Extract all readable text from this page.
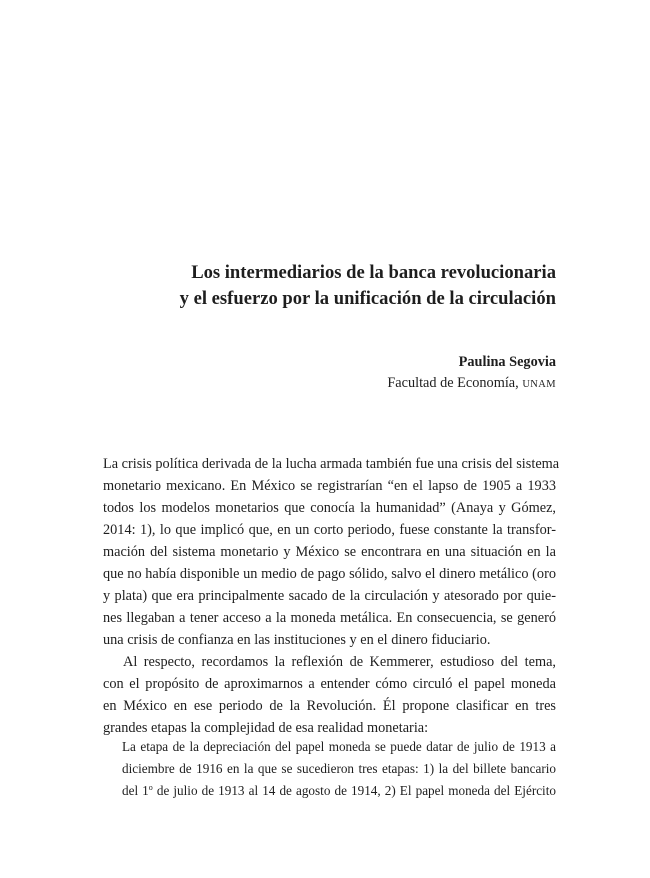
Los intermediarios de la banca revolucionaria
y el esfuerzo por la unificación de la circulación
Paulina Segovia
Facultad de Economía, UNAM

La crisis política derivada de la lucha armada también fue una crisis del sistema
monetario mexicano. En México se registrarían “en el lapso de 1905 a 1933
todos los modelos monetarios que conocía la humanidad” (Anaya y Gómez,
2014: 1), lo que implicó que, en un corto periodo, fuese constante la transfor-
mación del sistema monetario y México se encontrara en una situación en la
que no había disponible un medio de pago sólido, salvo el dinero metálico (oro
y plata) que era principalmente sacado de la circulación y atesorado por quie-
nes llegaban a tener acceso a la moneda metálica. En consecuencia, se generó
una crisis de confianza en las instituciones y en el dinero fiduciario.

Al respecto, recordamos la reflexión de Kemmerer, estudioso del tema,
con el propósito de aproximarnos a entender cómo circuló el papel moneda
en México en ese periodo de la Revolución. Él propone clasificar en tres
grandes etapas la complejidad de esa realidad monetaria:

La etapa de la depreciación del papel moneda se puede datar de julio de 1913 a
diciembre de 1916 en la que se sucedieron tres etapas: 1) la del billete bancario
del 1$^o$ de julio de 1913 al 14 de agosto de 1914, 2) El papel moneda del Ejército
